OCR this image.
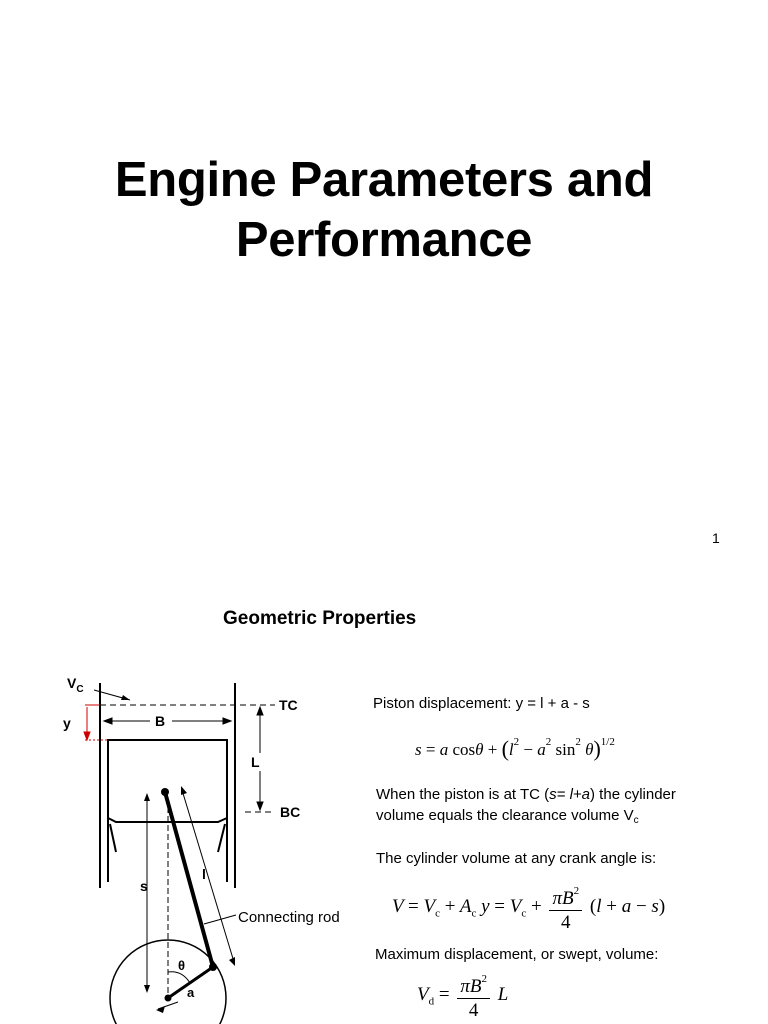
Engine Parameters and
Performance
1
Geometric Properties
$V_C$
y	B
TC
L
BC
s
l
Connecting rod
θ
a
Piston displacement: y = l + a - s
s = a $\cos\theta + (l^2 - a^2$ $\sin^2 \theta)^{1/2}$
When the piston is at TC (s= l+a) the cylinder
volume equals the clearance volume $V_c$
The cylinder volume at any crank angle is:
$V = V_c + A_c$ $y = V_c + \frac{\pi B^2}{4} (l + a - s)$
Maximum displacement, or swept, volume:
$V_d = \frac{\pi B^2}{4}$ L
